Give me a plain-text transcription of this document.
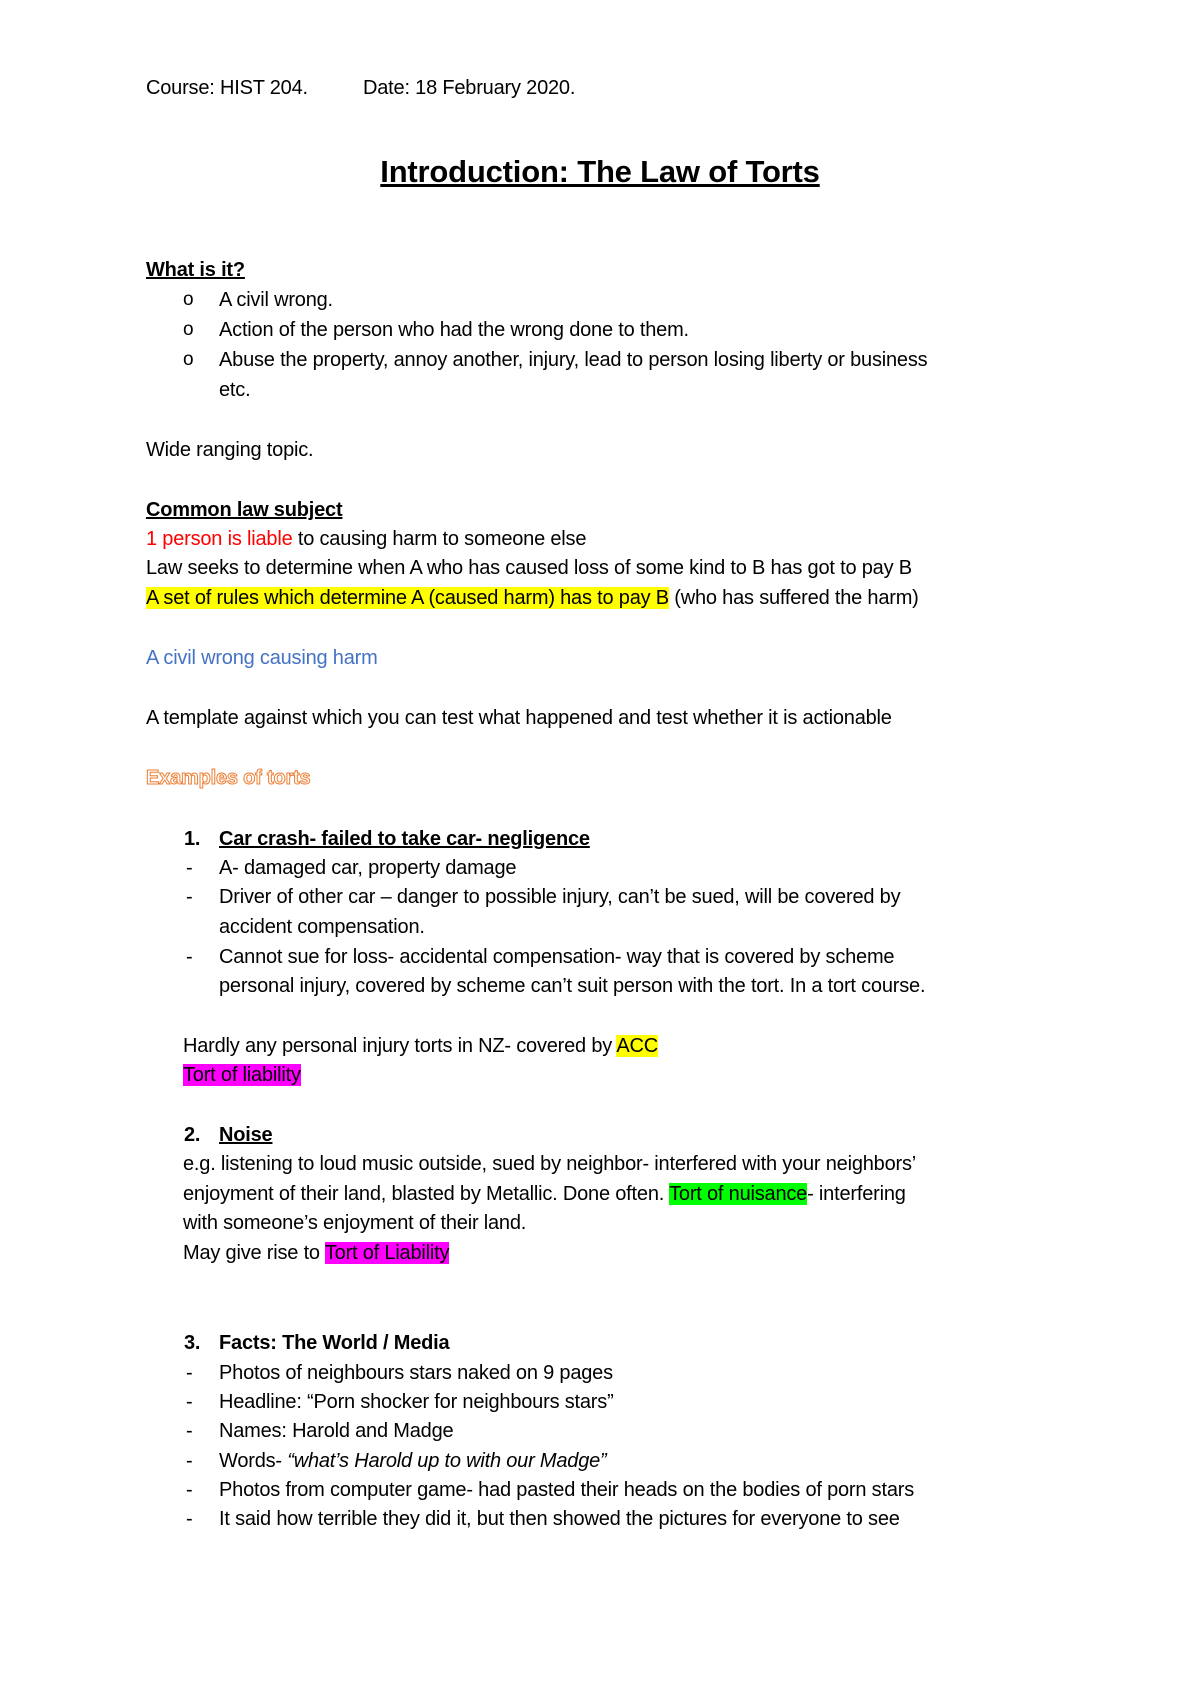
Course: HIST 204.	Date: 18 February 2020.
Introduction: The Law of Torts
What is it?
o A civil wrong.
o Action of the person who had the wrong done to them.
o Abuse the property, annoy another, injury, lead to person losing liberty or business
etc.
Wide ranging topic.
Common law subject
1 person is liable to causing harm to someone else
Law seeks to determine when A who has caused loss of some kind to B has got to pay B
A set of rules which determine A (caused harm) has to pay B (who has suffered the harm)
A civil wrong causing harm
A template against which you can test what happened and test whether it is actionable
Examples of torts
1. Car crash- failed to take car- negligence
- A- damaged car, property damage
- Driver of other car – danger to possible injury, can’t be sued, will be covered by
accident compensation.
- Cannot sue for loss- accidental compensation- way that is covered by scheme
personal injury, covered by scheme can’t suit person with the tort. In a tort course.
Hardly any personal injury torts in NZ- covered by ACC
Tort of liability
2. Noise
e.g. listening to loud music outside, sued by neighbor- interfered with your neighbors’
enjoyment of their land, blasted by Metallic. Done often. Tort of nuisance- interfering
with someone’s enjoyment of their land.
May give rise to Tort of Liability
3. Facts: The World / Media
- Photos of neighbours stars naked on 9 pages
- Headline: “Porn shocker for neighbours stars”
- Names: Harold and Madge
- Words- “what’s Harold up to with our Madge”
- Photos from computer game- had pasted their heads on the bodies of porn stars
- It said how terrible they did it, but then showed the pictures for everyone to see
